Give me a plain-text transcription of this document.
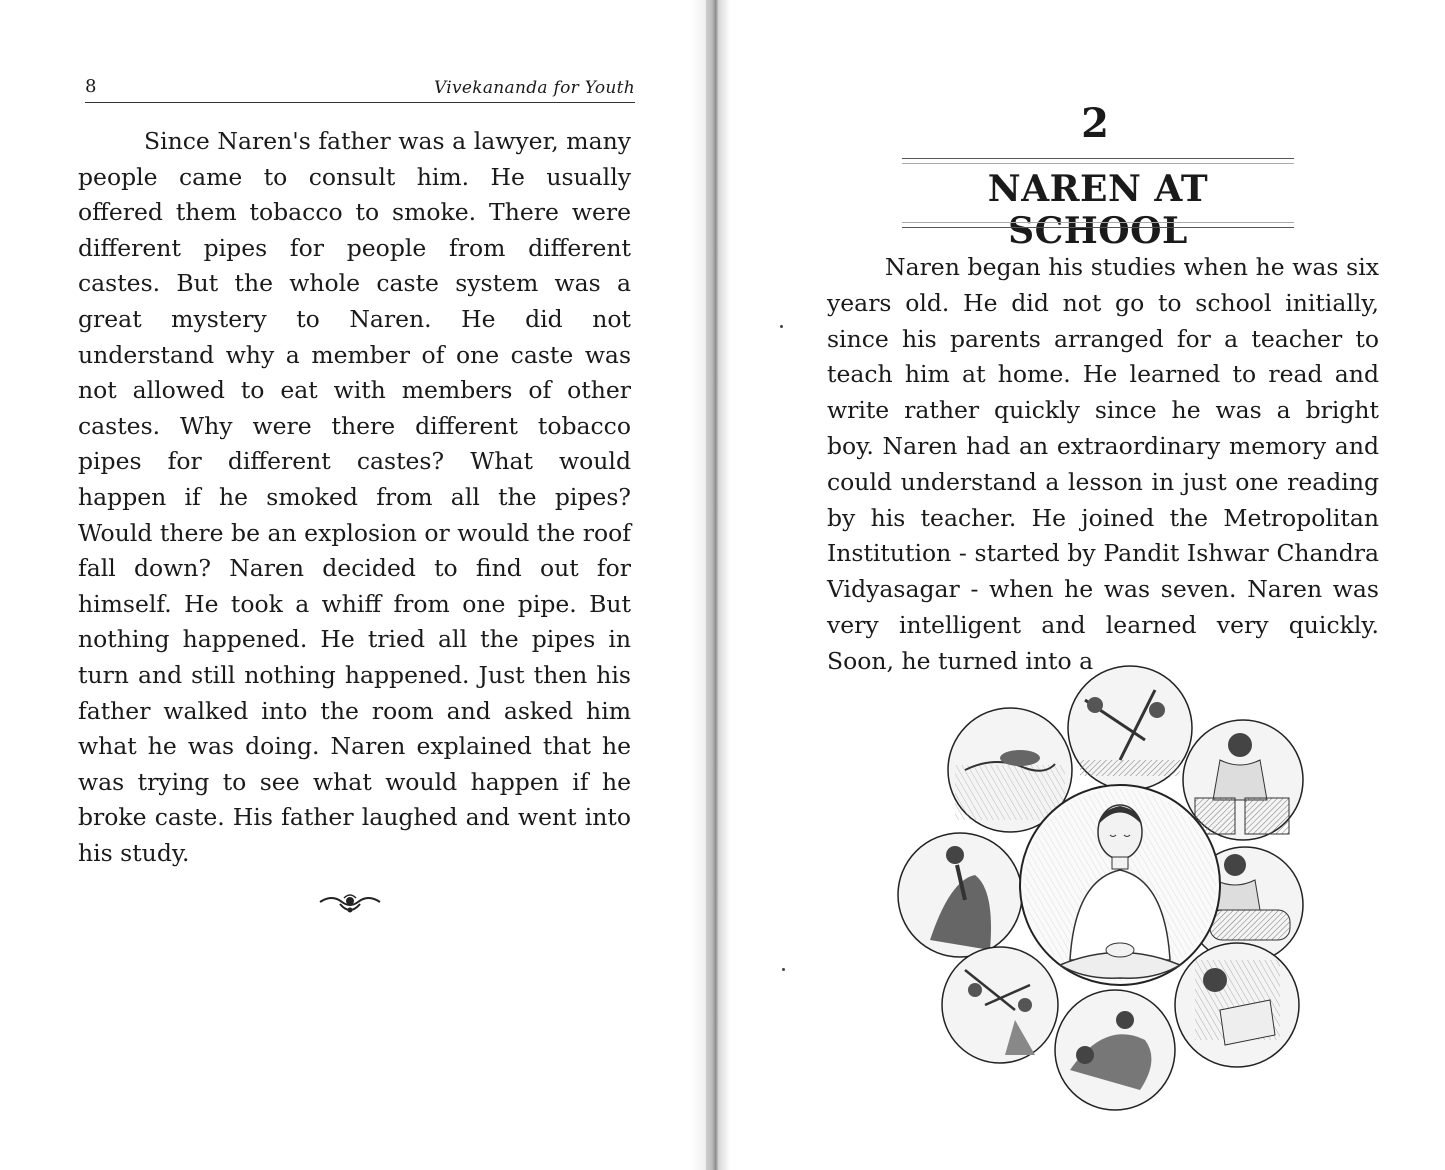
8	Vivekananda for Youth

Since Naren's father was a lawyer, many people came to consult him. He usually offered them tobacco to smoke. There were different pipes for people from different castes. But the whole caste system was a great mystery to Naren. He did not understand why a member of one caste was not allowed to eat with members of other castes. Why were there different tobacco pipes for different castes? What would happen if he smoked from all the pipes? Would there be an explosion or would the roof fall down? Naren decided to find out for himself. He took a whiff from one pipe. But nothing happened. He tried all the pipes in turn and still nothing happened. Just then his father walked into the room and asked him what he was doing. Naren explained that he was trying to see what would happen if he broke caste. His father laughed and went into his study.

2
NAREN AT SCHOOL

Naren began his studies when he was six years old. He did not go to school initially, since his parents arranged for a teacher to teach him at home. He learned to read and write rather quickly since he was a bright boy. Naren had an extraordinary memory and could understand a lesson in just one reading by his teacher. He joined the Metropolitan Institution - started by Pandit Ishwar Chandra Vidyasagar - when he was seven. Naren was very intelligent and learned very quickly. Soon, he turned into a
